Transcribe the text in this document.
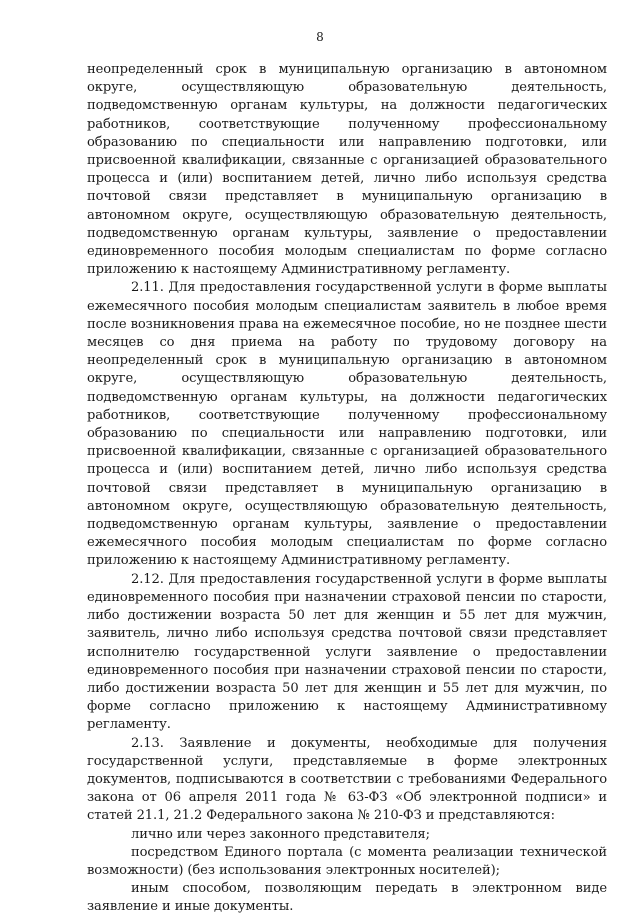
8

неопределенный срок в муниципальную организацию в автономном округе, осуществляющую образовательную деятельность, подведомственную органам культуры, на должности педагогических работников, соответствующие полученному профессиональному образованию по специальности или направлению подготовки, или присвоенной квалификации, связанные с организацией образовательного процесса и (или) воспитанием детей, лично либо используя средства почтовой связи представляет в муниципальную организацию в автономном округе, осуществляющую образовательную деятельность, подведомственную органам культуры, заявление о предоставлении единовременного пособия молодым специалистам по форме согласно приложению к настоящему Административному регламенту.

2.11. Для предоставления государственной услуги в форме выплаты ежемесячного пособия молодым специалистам заявитель в любое время после возникновения права на ежемесячное пособие, но не позднее шести месяцев со дня приема на работу по трудовому договору на неопределенный срок в муниципальную организацию в автономном округе, осуществляющую образовательную деятельность, подведомственную органам культуры, на должности педагогических работников, соответствующие полученному профессиональному образованию по специальности или направлению подготовки, или присвоенной квалификации, связанные с организацией образовательного процесса и (или) воспитанием детей, лично либо используя средства почтовой связи представляет в муниципальную организацию в автономном округе, осуществляющую образовательную деятельность, подведомственную органам культуры, заявление о предоставлении ежемесячного пособия молодым специалистам по форме согласно приложению к настоящему Административному регламенту.

2.12. Для предоставления государственной услуги в форме выплаты единовременного пособия при назначении страховой пенсии по старости, либо достижении возраста 50 лет для женщин и 55 лет для мужчин, заявитель, лично либо используя средства почтовой связи представляет исполнителю государственной услуги заявление о предоставлении единовременного пособия при назначении страховой пенсии по старости, либо достижении возраста 50 лет для женщин и 55 лет для мужчин, по форме согласно приложению к настоящему Административному регламенту.

2.13. Заявление и документы, необходимые для получения государственной услуги, представляемые в форме электронных документов, подписываются в соответствии с требованиями Федерального закона от 06 апреля 2011 года № 63-ФЗ «Об электронной подписи» и статей 21.1, 21.2 Федерального закона № 210-ФЗ и представляются:

лично или через законного представителя;

посредством Единого портала (с момента реализации технической возможности) (без использования электронных носителей);

иным способом, позволяющим передать в электронном виде заявление и иные документы.
